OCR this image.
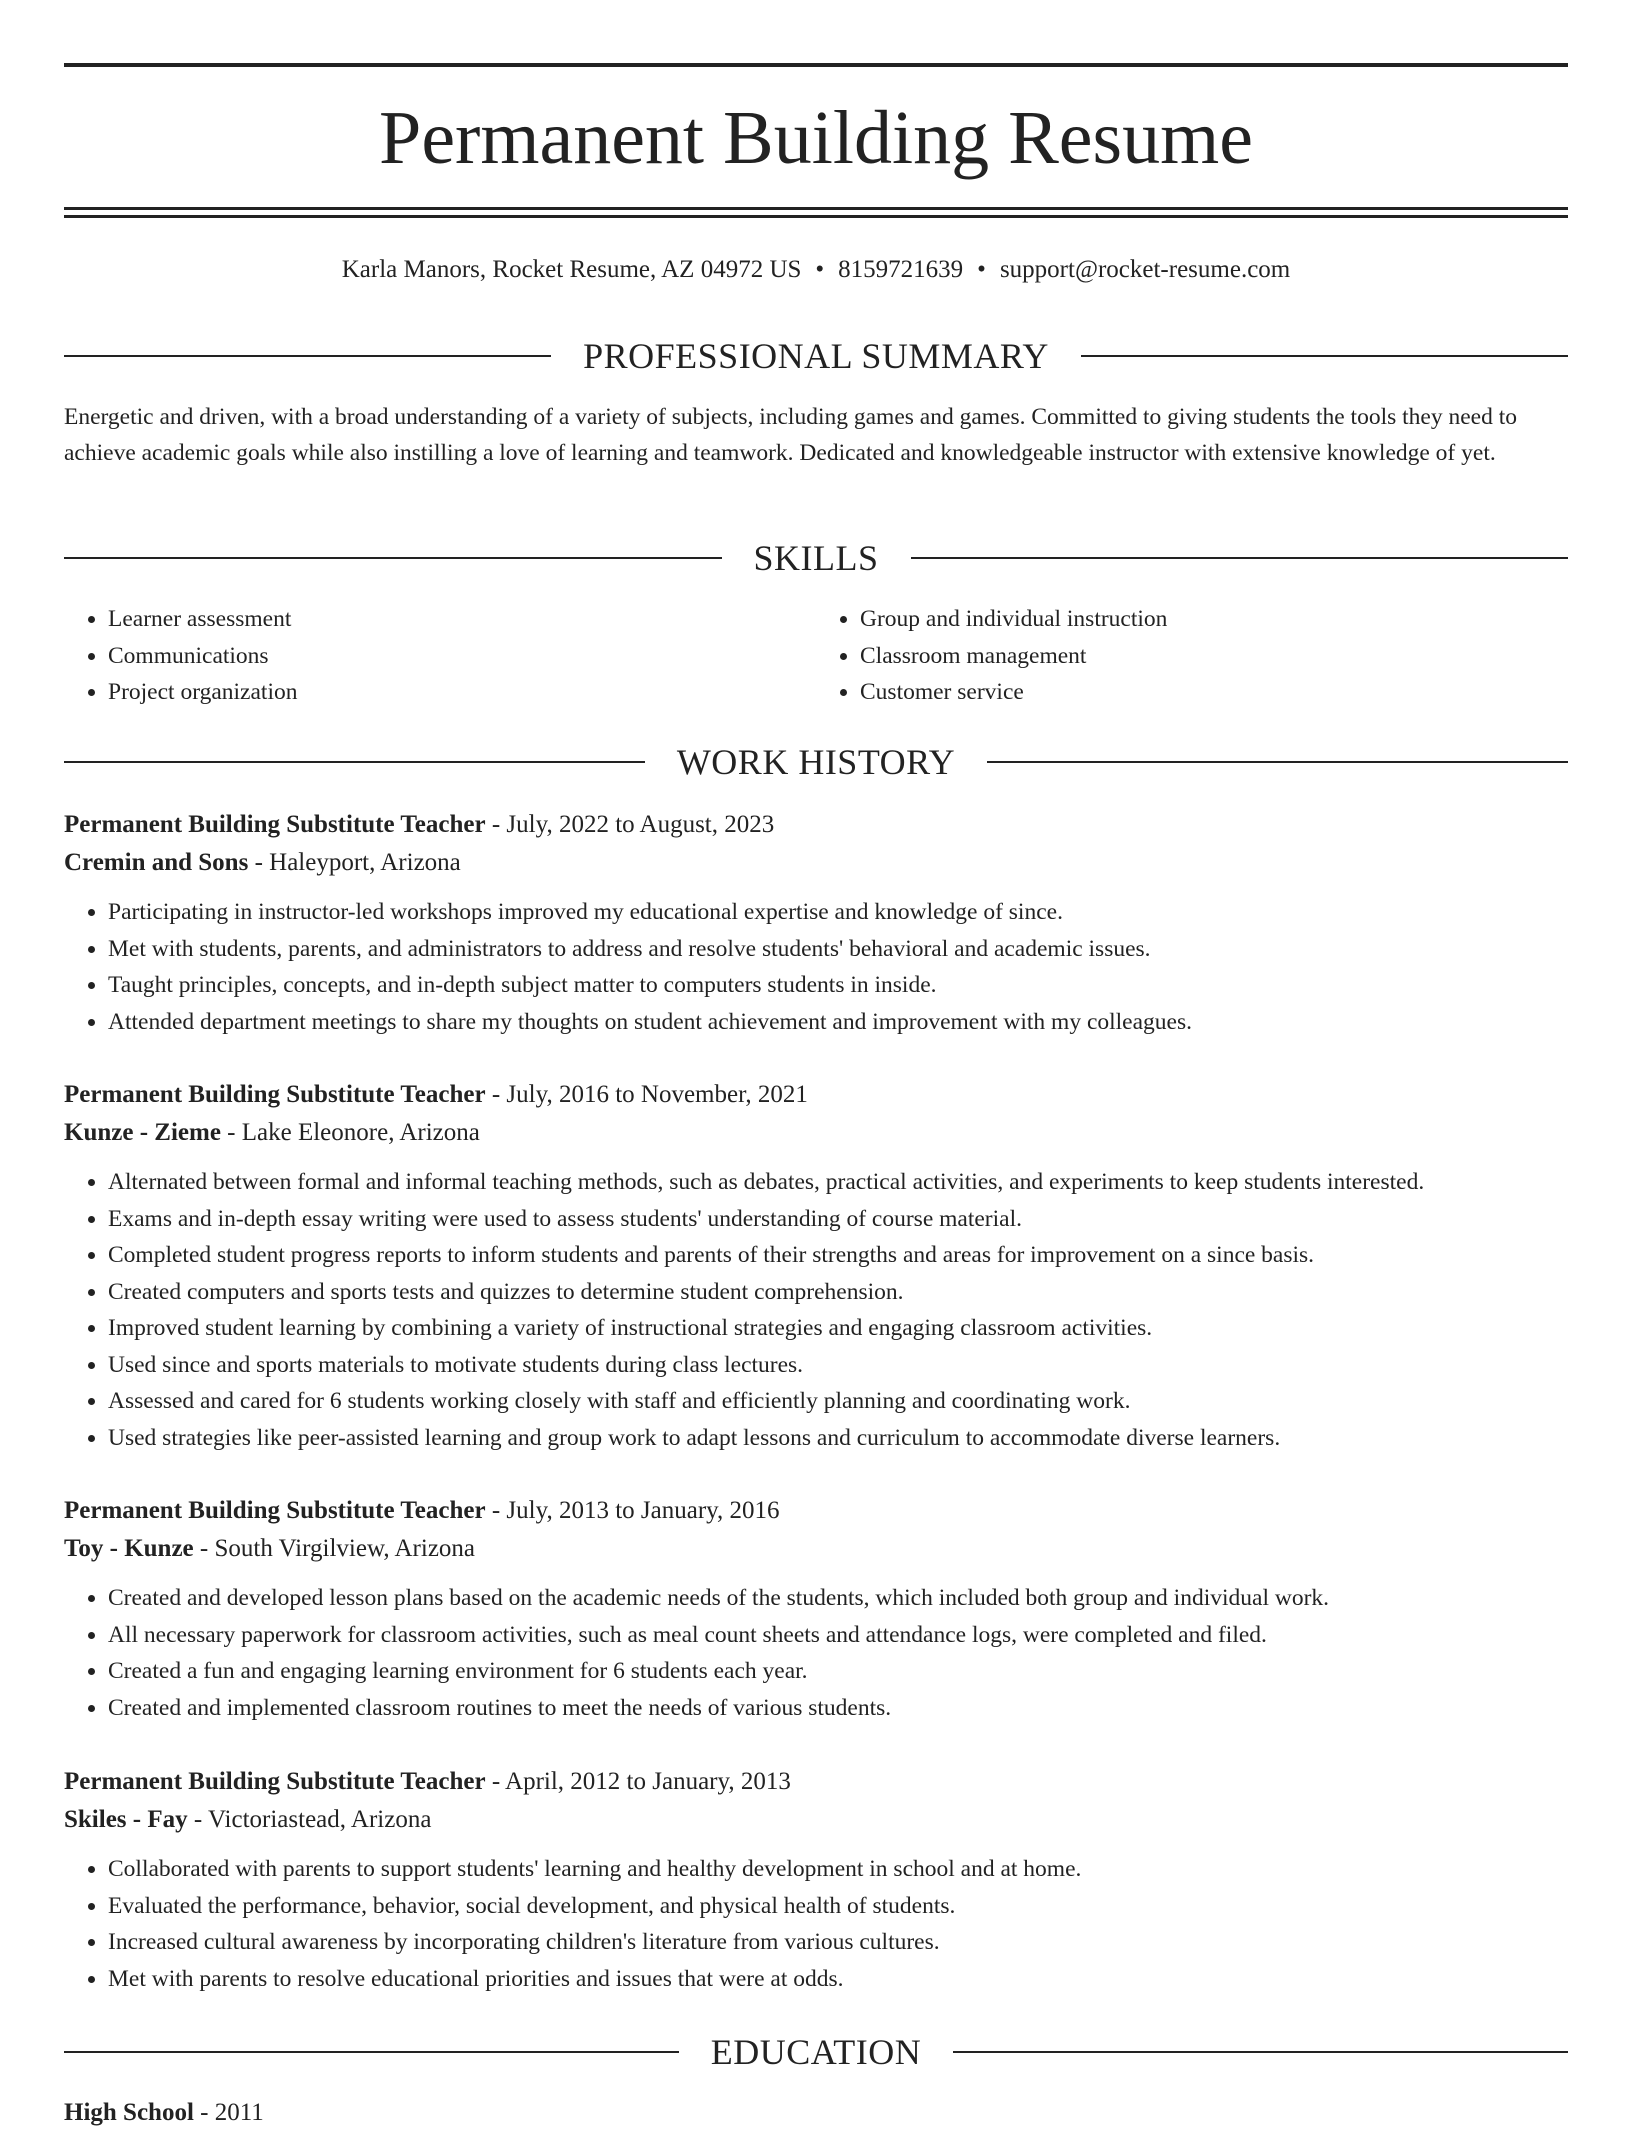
Permanent Building Resume
Karla Manors, Rocket Resume, AZ 04972 US • 8159721639 • support@rocket-resume.com
PROFESSIONAL SUMMARY

Energetic and driven, with a broad understanding of a variety of subjects, including games and games. Committed to giving students the tools they need to achieve academic goals while also instilling a love of learning and teamwork. Dedicated and knowledgeable instructor with extensive knowledge of yet.

SKILLS
• Learner assessment
• Communications
• Project organization
• Group and individual instruction
• Classroom management
• Customer service
WORK HISTORY
Permanent Building Substitute Teacher - July, 2022 to August, 2023
Cremin and Sons - Haleyport, Arizona
• Participating in instructor-led workshops improved my educational expertise and knowledge of since.
• Met with students, parents, and administrators to address and resolve students' behavioral and academic issues.
• Taught principles, concepts, and in-depth subject matter to computers students in inside.
• Attended department meetings to share my thoughts on student achievement and improvement with my colleagues.
Permanent Building Substitute Teacher - July, 2016 to November, 2021
Kunze - Zieme - Lake Eleonore, Arizona
• Alternated between formal and informal teaching methods, such as debates, practical activities, and experiments to keep students interested.
• Exams and in-depth essay writing were used to assess students' understanding of course material.
• Completed student progress reports to inform students and parents of their strengths and areas for improvement on a since basis.
• Created computers and sports tests and quizzes to determine student comprehension.
• Improved student learning by combining a variety of instructional strategies and engaging classroom activities.
• Used since and sports materials to motivate students during class lectures.
• Assessed and cared for 6 students working closely with staff and efficiently planning and coordinating work.
• Used strategies like peer-assisted learning and group work to adapt lessons and curriculum to accommodate diverse learners.
Permanent Building Substitute Teacher - July, 2013 to January, 2016
Toy - Kunze - South Virgilview, Arizona
• Created and developed lesson plans based on the academic needs of the students, which included both group and individual work.
• All necessary paperwork for classroom activities, such as meal count sheets and attendance logs, were completed and filed.
• Created a fun and engaging learning environment for 6 students each year.
• Created and implemented classroom routines to meet the needs of various students.
Permanent Building Substitute Teacher - April, 2012 to January, 2013
Skiles - Fay - Victoriastead, Arizona
• Collaborated with parents to support students' learning and healthy development in school and at home.
• Evaluated the performance, behavior, social development, and physical health of students.
• Increased cultural awareness by incorporating children's literature from various cultures.
• Met with parents to resolve educational priorities and issues that were at odds.
EDUCATION
High School - 2011
